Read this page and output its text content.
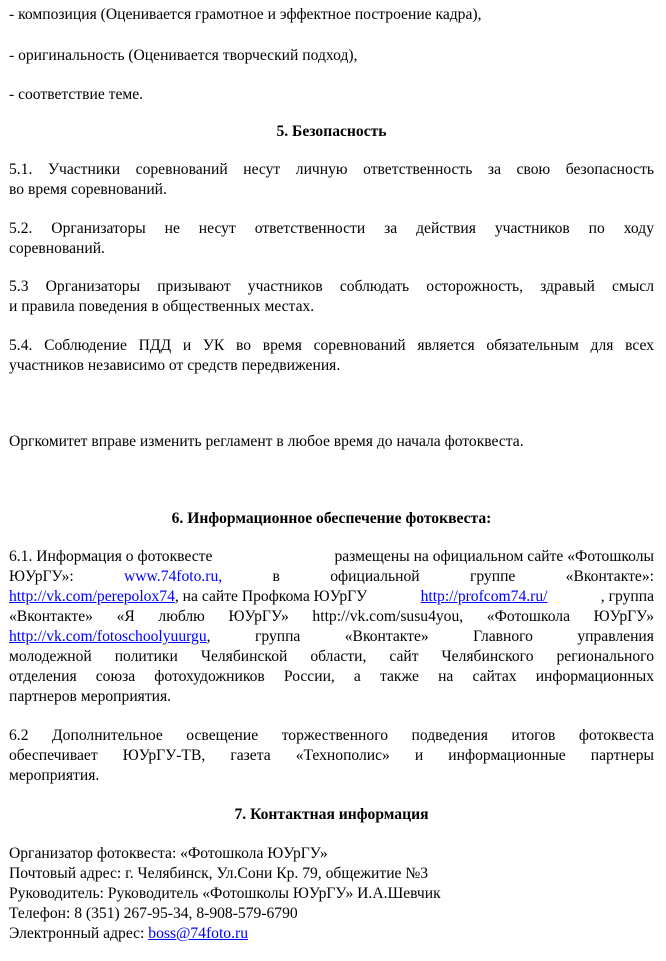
- композиция (Оценивается грамотное и эффектное построение кадра),
- оригинальность (Оценивается творческий подход),
- соответствие теме.
5. Безопасность
5.1. Участники соревнований несут личную ответственность за свою безопасность
во время соревнований.
5.2. Организаторы не несут ответственности за действия участников по ходу
соревнований.
5.3 Организаторы призывают участников соблюдать осторожность, здравый смысл
и правила поведения в общественных местах.
5.4. Соблюдение ПДД и УК во время соревнований является обязательным для всех
участников независимо от средств передвижения.
Оргкомитет вправе изменить регламент в любое время до начала фотоквеста.
6. Информационное обеспечение фотоквеста:
6.1. Информация о фотоквесте	размещены на официальном сайте «Фотошколы
ЮУрГУ»:	www.74foto.ru,	в	официальной	группе	«Вконтакте»:
http://vk.com/perepolox74, на сайте Профкома ЮУрГУ	http://profcom74.ru/	, группа
«Вконтакте» «Я люблю ЮУрГУ» http://vk.com/susu4you, «Фотошкола ЮУрГУ»
http://vk.com/fotoschoolyuurgu,	группа	«Вконтакте»	Главного	управления
молодежной политики Челябинской области, сайт Челябинского регионального
отделения союза фотохудожников России, а также на сайтах информационных
партнеров мероприятия.
6.2 Дополнительное освещение торжественного подведения итогов фотоквеста
обеспечивает ЮУрГУ-ТВ, газета «Технополис» и информационные партнеры
мероприятия.
7. Контактная информация
Организатор фотоквеста: «Фотошкола ЮУрГУ»
Почтовый адрес: г. Челябинск, Ул.Сони Кр. 79, общежитие №3
Руководитель: Руководитель «Фотошколы ЮУрГУ» И.А.Шевчик
Телефон: 8 (351) 267-95-34, 8-908-579-6790
Электронный адрес: boss@74foto.ru
